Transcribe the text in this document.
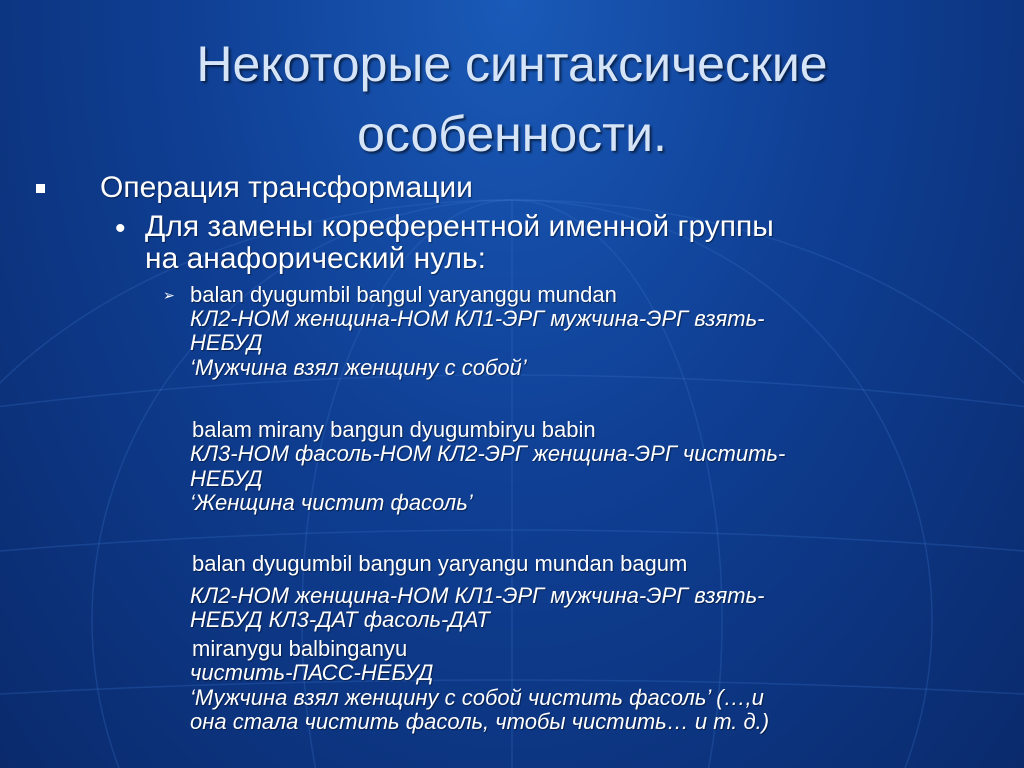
Некоторые синтаксические
особенности.
Операция трансформации
• Для замены кореферентной именной группы
на анафорический нуль:
➢ balan dyugumbil baŋgul yaryanggu mundan
КЛ2-НОМ женщина-НОМ КЛ1-ЭРГ мужчина-ЭРГ взять-
НЕБУД
‘Мужчина взял женщину с собой’
balam mirany baŋgun dyugumbiryu babin
КЛ3-НОМ фасоль-НОМ КЛ2-ЭРГ женщина-ЭРГ чистить-
НЕБУД
‘Женщина чистит фасоль’
balan dyugumbil baŋgun yaryangu mundan bagum
КЛ2-НОМ женщина-НОМ КЛ1-ЭРГ мужчина-ЭРГ взять-
НЕБУД КЛ3-ДАТ фасоль-ДАТ
miranygu balbinganyu
чистить-ПАСС-НЕБУД
‘Мужчина взял женщину с собой чистить фасоль’ (…,и
она стала чистить фасоль, чтобы чистить… и т. д.)
